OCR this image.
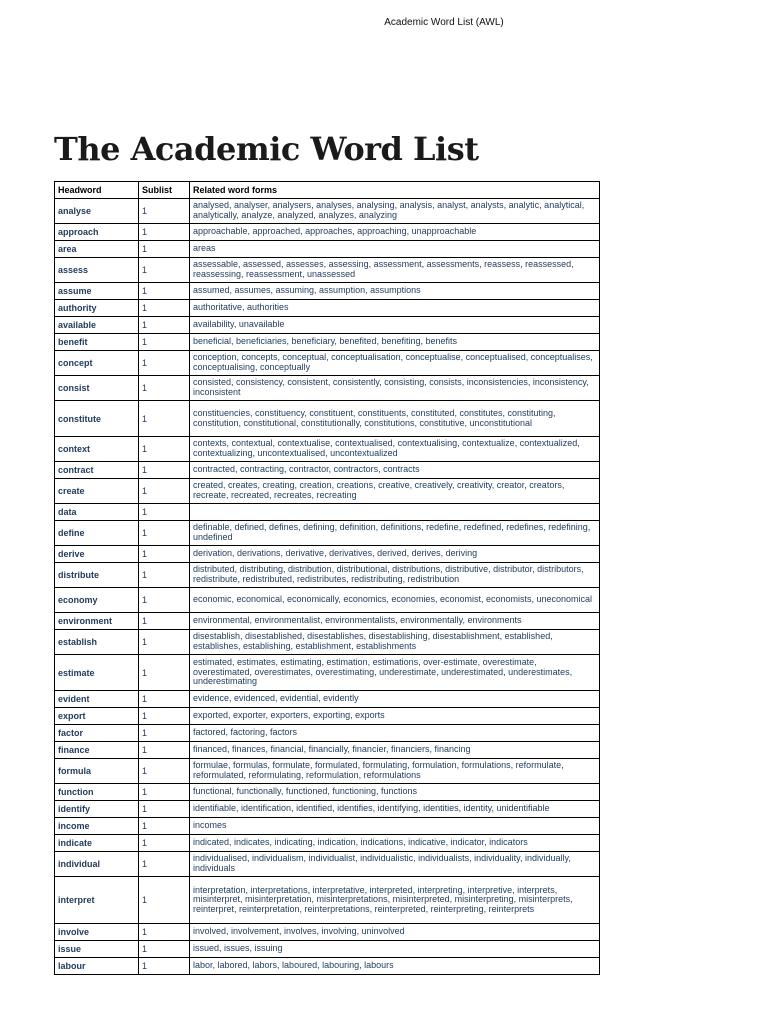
Academic Word List (AWL)
The Academic Word List
Headword	Sublist	Related word forms
analyse	1	analysed, analyser, analysers, analyses, analysing, analysis, analyst, analysts, analytic, analytical, analytically, analyze, analyzed, analyzes, analyzing
approach	1	approachable, approached, approaches, approaching, unapproachable
area	1	areas
assess	1	assessable, assessed, assesses, assessing, assessment, assessments, reassess, reassessed, reassessing, reassessment, unassessed
assume	1	assumed, assumes, assuming, assumption, assumptions
authority	1	authoritative, authorities
available	1	availability, unavailable
benefit	1	beneficial, beneficiaries, beneficiary, benefited, benefiting, benefits
concept	1	conception, concepts, conceptual, conceptualisation, conceptualise, conceptualised, conceptualises, conceptualising, conceptually
consist	1	consisted, consistency, consistent, consistently, consisting, consists, inconsistencies, inconsistency, inconsistent
constitute	1	constituencies, constituency, constituent, constituents, constituted, constitutes, constituting, constitution, constitutional, constitutionally, constitutions, constitutive, unconstitutional
context	1	contexts, contextual, contextualise, contextualised, contextualising, contextualize, contextualized, contextualizing, uncontextualised, uncontextualized
contract	1	contracted, contracting, contractor, contractors, contracts
create	1	created, creates, creating, creation, creations, creative, creatively, creativity, creator, creators, recreate, recreated, recreates, recreating
data	1	
define	1	definable, defined, defines, defining, definition, definitions, redefine, redefined, redefines, redefining, undefined
derive	1	derivation, derivations, derivative, derivatives, derived, derives, deriving
distribute	1	distributed, distributing, distribution, distributional, distributions, distributive, distributor, distributors, redistribute, redistributed, redistributes, redistributing, redistribution
economy	1	economic, economical, economically, economics, economies, economist, economists, uneconomical
environment	1	environmental, environmentalist, environmentalists, environmentally, environments
establish	1	disestablish, disestablished, disestablishes, disestablishing, disestablishment, established, establishes, establishing, establishment, establishments
estimate	1	estimated, estimates, estimating, estimation, estimations, over-estimate, overestimate, overestimated, overestimates, overestimating, underestimate, underestimated, underestimates, underestimating
evident	1	evidence, evidenced, evidential, evidently
export	1	exported, exporter, exporters, exporting, exports
factor	1	factored, factoring, factors
finance	1	financed, finances, financial, financially, financier, financiers, financing
formula	1	formulae, formulas, formulate, formulated, formulating, formulation, formulations, reformulate, reformulated, reformulating, reformulation, reformulations
function	1	functional, functionally, functioned, functioning, functions
identify	1	identifiable, identification, identified, identifies, identifying, identities, identity, unidentifiable
income	1	incomes
indicate	1	indicated, indicates, indicating, indication, indications, indicative, indicator, indicators
individual	1	individualised, individualism, individualist, individualistic, individualists, individuality, individually, individuals
interpret	1	interpretation, interpretations, interpretative, interpreted, interpreting, interpretive, interprets, misinterpret, misinterpretation, misinterpretations, misinterpreted, misinterpreting, misinterprets, reinterpret, reinterpretation, reinterpretations, reinterpreted, reinterpreting, reinterprets
involve	1	involved, involvement, involves, involving, uninvolved
issue	1	issued, issues, issuing
labour	1	labor, labored, labors, laboured, labouring, labours
